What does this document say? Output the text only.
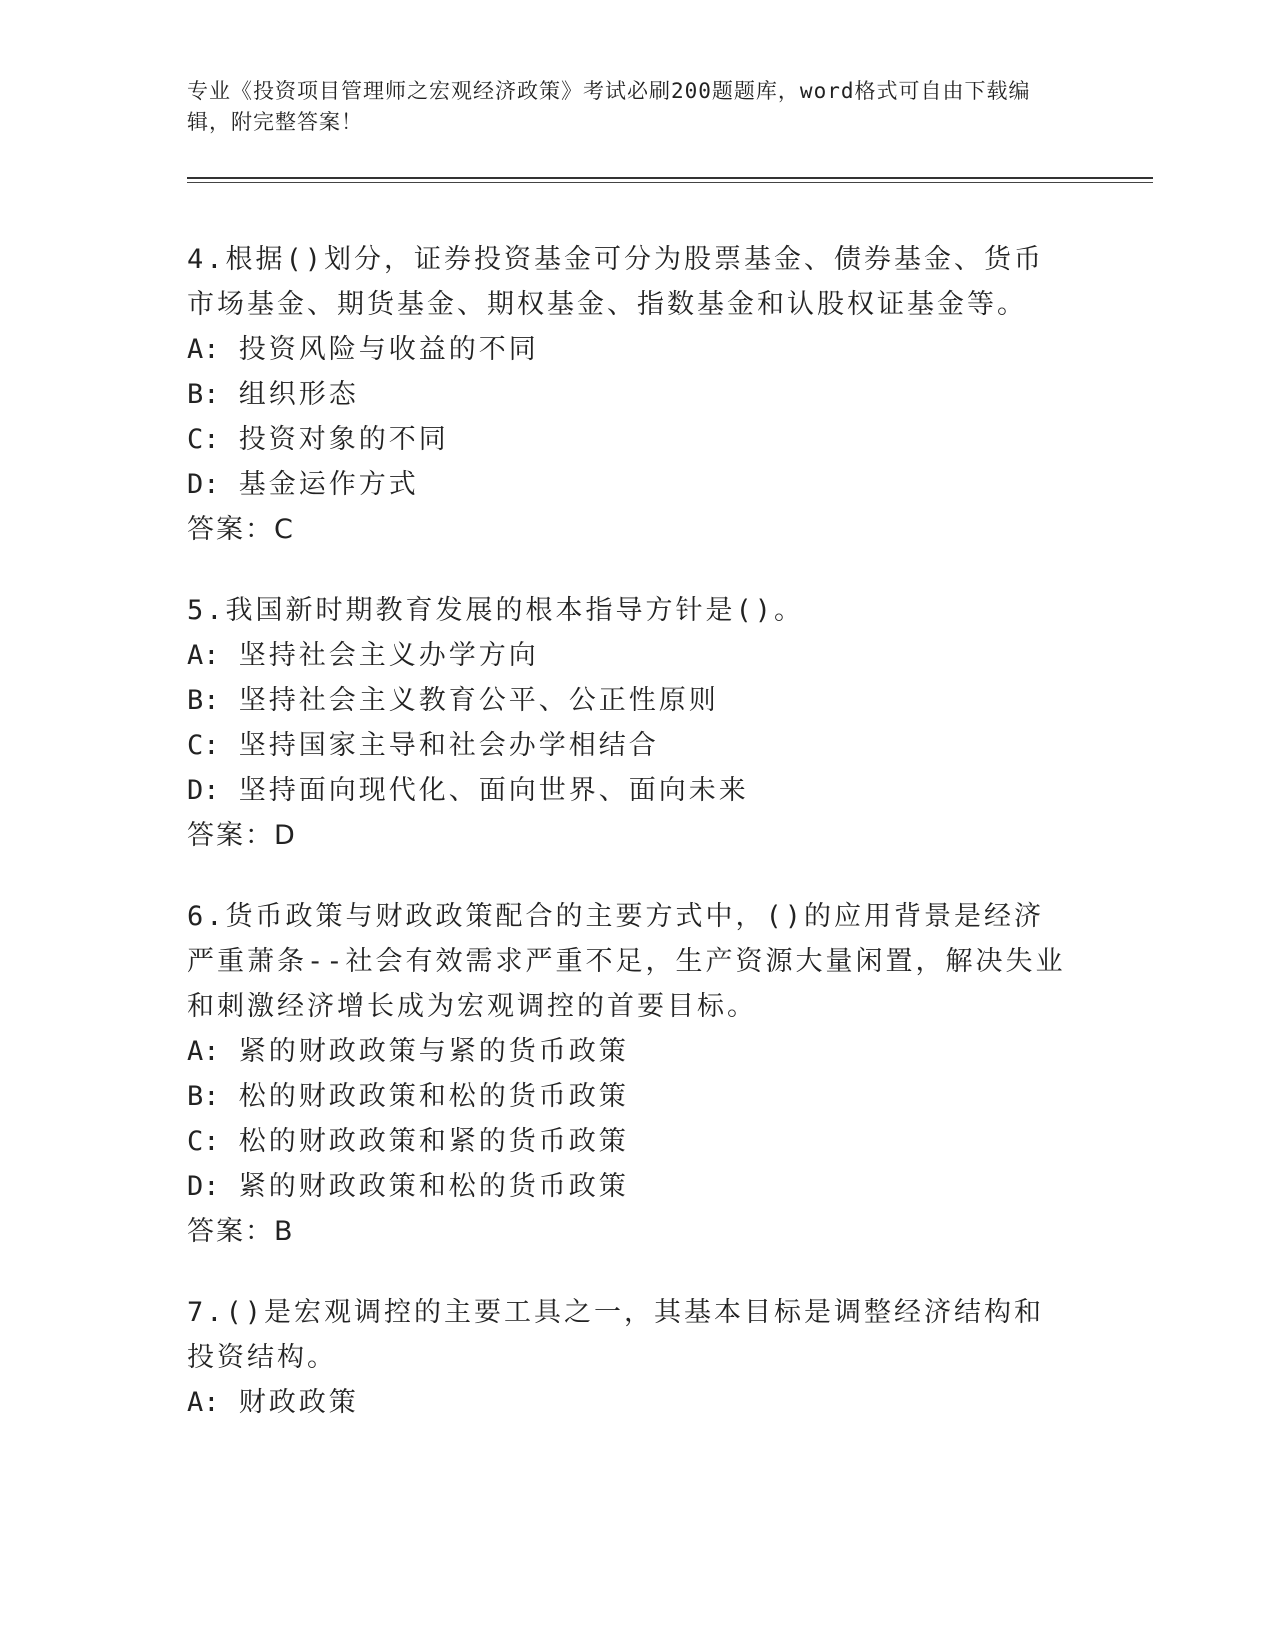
专业《投资项目管理师之宏观经济政策》考试必刷200题题库，word格式可自由下载编辑，附完整答案！
4.根据()划分，证券投资基金可分为股票基金、债券基金、货币市场基金、期货基金、期权基金、指数基金和认股权证基金等。
A: 投资风险与收益的不同
B: 组织形态
C: 投资对象的不同
D: 基金运作方式
答案：C
5.我国新时期教育发展的根本指导方针是()。
A: 坚持社会主义办学方向
B: 坚持社会主义教育公平、公正性原则
C: 坚持国家主导和社会办学相结合
D: 坚持面向现代化、面向世界、面向未来
答案：D
6.货币政策与财政政策配合的主要方式中，()的应用背景是经济严重萧条--社会有效需求严重不足，生产资源大量闲置，解决失业和刺激经济增长成为宏观调控的首要目标。
A: 紧的财政政策与紧的货币政策
B: 松的财政政策和松的货币政策
C: 松的财政政策和紧的货币政策
D: 紧的财政政策和松的货币政策
答案：B
7.()是宏观调控的主要工具之一，其基本目标是调整经济结构和投资结构。
A: 财政政策
